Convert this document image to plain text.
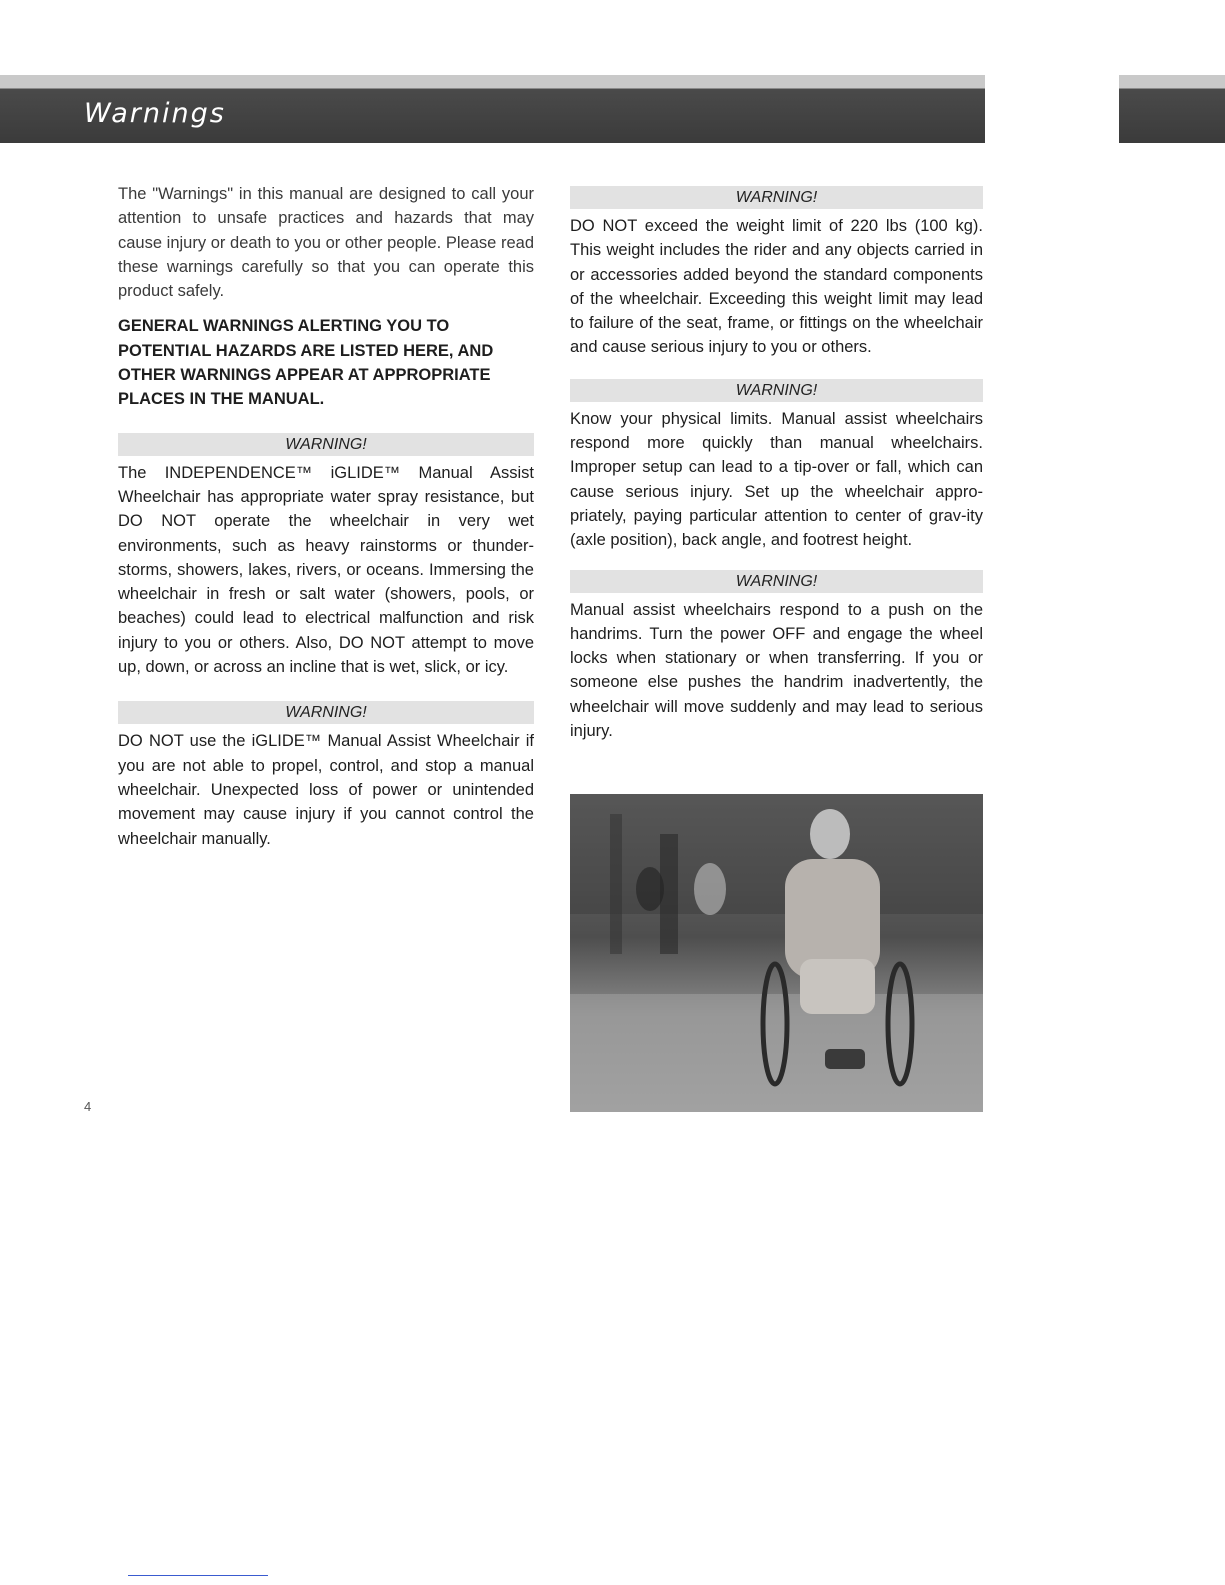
Warnings

The "Warnings" in this manual are designed to call your attention to unsafe practices and hazards that may cause injury or death to you or other people. Please read these warnings carefully so that you can operate this product safely.

GENERAL WARNINGS ALERTING YOU TO POTENTIAL HAZARDS ARE LISTED HERE, AND OTHER WARNINGS APPEAR AT APPROPRIATE PLACES IN THE MANUAL.

WARNING!

The INDEPENDENCE™ iGLIDE™ Manual Assist Wheelchair has appropriate water spray resistance, but DO NOT operate the wheelchair in very wet environments, such as heavy rainstorms or thunder-storms, showers, lakes, rivers, or oceans. Immersing the wheelchair in fresh or salt water (showers, pools, or beaches) could lead to electrical malfunction and risk injury to you or others. Also, DO NOT attempt to move up, down, or across an incline that is wet, slick, or icy.

WARNING!

DO NOT use the iGLIDE™ Manual Assist Wheelchair if you are not able to propel, control, and stop a manual wheelchair. Unexpected loss of power or unintended movement may cause injury if you cannot control the wheelchair manually.

WARNING!

DO NOT exceed the weight limit of 220 lbs (100 kg). This weight includes the rider and any objects carried in or accessories added beyond the standard components of the wheelchair. Exceeding this weight limit may lead to failure of the seat, frame, or fittings on the wheelchair and cause serious injury to you or others.

WARNING!

Know your physical limits. Manual assist wheelchairs respond more quickly than manual wheelchairs. Improper setup can lead to a tip-over or fall, which can cause serious injury. Set up the wheelchair appro-priately, paying particular attention to center of grav-ity (axle position), back angle, and footrest height.

WARNING!

Manual assist wheelchairs respond to a push on the handrims. Turn the power OFF and engage the wheel locks when stationary or when transferring. If you or someone else pushes the handrim inadvertently, the wheelchair will move suddenly and may lead to serious injury.

4
